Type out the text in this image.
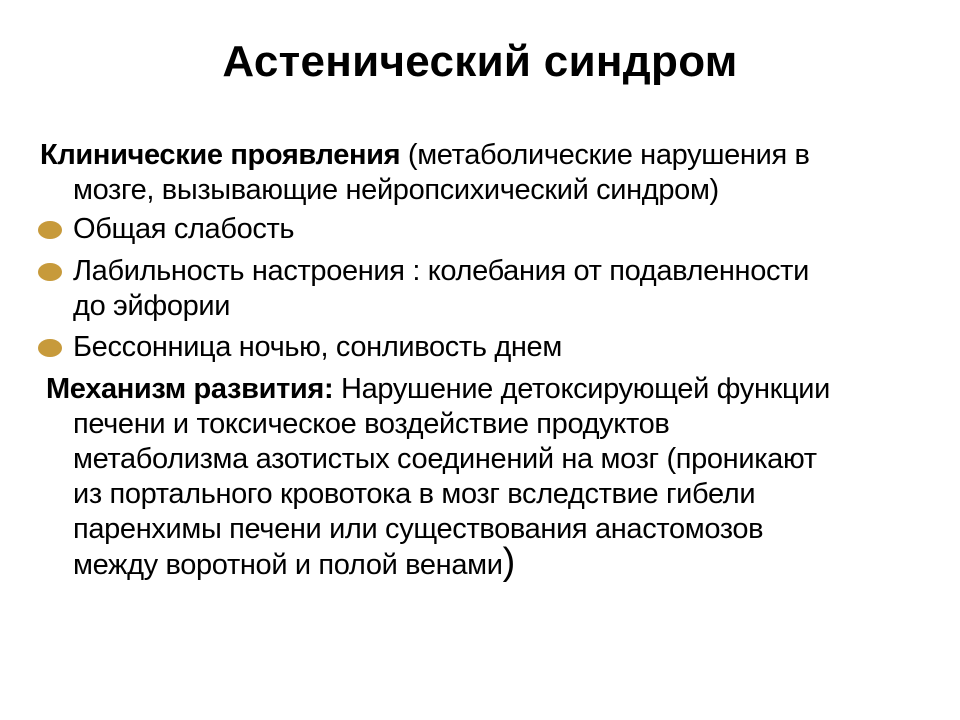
Астенический синдром
Клинические проявления (метаболические нарушения в
мозге, вызывающие нейропсихический синдром)
Общая слабость
Лабильность настроения : колебания от подавленности
до эйфории
Бессонница ночью, сонливость днем
Механизм развития: Нарушение детоксирующей функции
печени и токсическое воздействие продуктов
метаболизма азотистых соединений на мозг (проникают
из портального кровотока в мозг вследствие гибели
паренхимы печени или существования анастомозов
между воротной и полой венами)
